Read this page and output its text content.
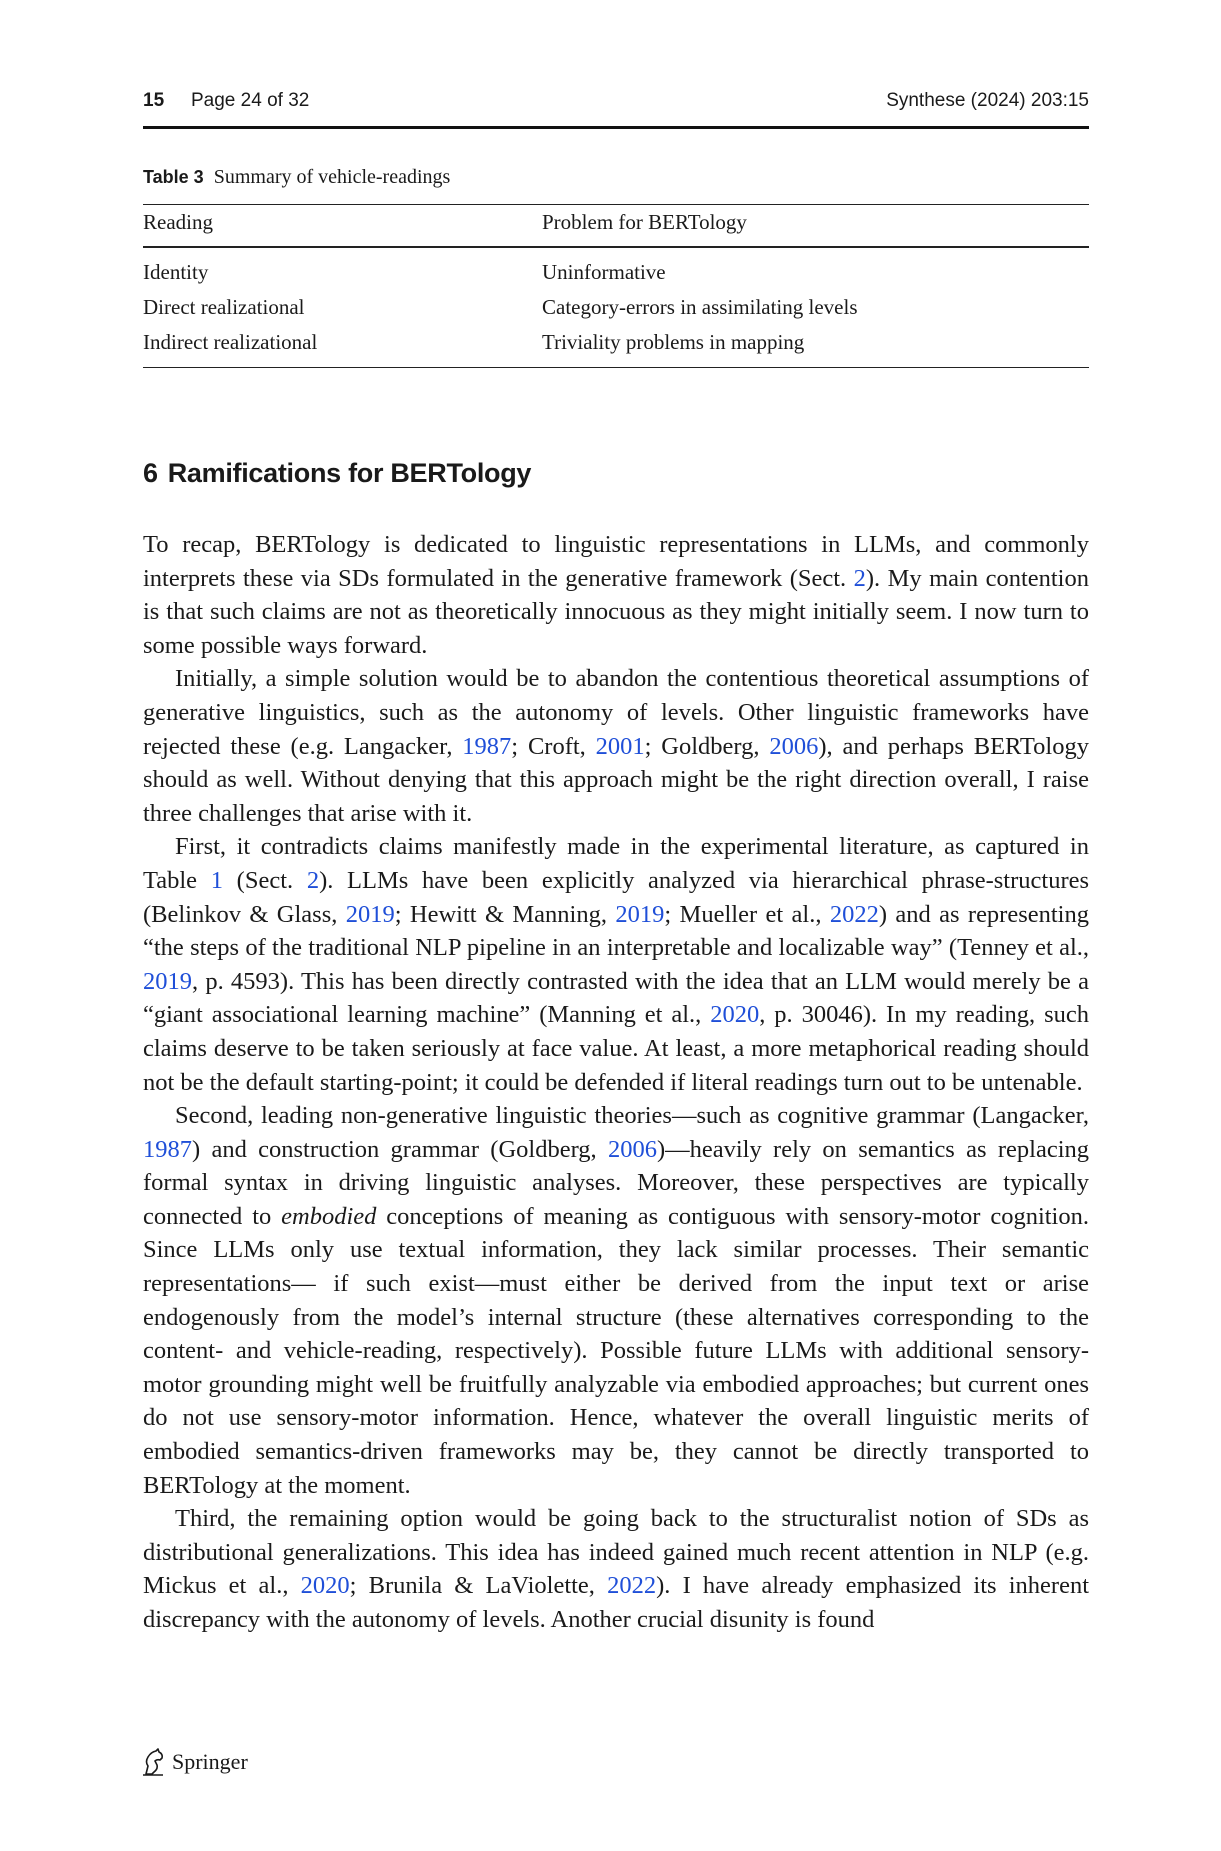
15 Page 24 of 32	Synthese (2024) 203:15
Table 3 Summary of vehicle-readings
Reading	Problem for BERTology
Identity	Uninformative
Direct realizational	Category-errors in assimilating levels
Indirect realizational	Triviality problems in mapping
6 Ramifications for BERTology

To recap, BERTology is dedicated to linguistic representations in LLMs, and commonly interprets these via SDs formulated in the generative framework (Sect. 2). My main contention is that such claims are not as theoretically innocuous as they might initially seem. I now turn to some possible ways forward.

Initially, a simple solution would be to abandon the contentious theoretical assumptions of generative linguistics, such as the autonomy of levels. Other linguistic frameworks have rejected these (e.g. Langacker, 1987; Croft, 2001; Goldberg, 2006), and perhaps BERTology should as well. Without denying that this approach might be the right direction overall, I raise three challenges that arise with it.

First, it contradicts claims manifestly made in the experimental literature, as captured in Table 1 (Sect. 2). LLMs have been explicitly analyzed via hierarchical phrase-structures (Belinkov & Glass, 2019; Hewitt & Manning, 2019; Mueller et al., 2022) and as representing “the steps of the traditional NLP pipeline in an interpretable and localizable way” (Tenney et al., 2019, p. 4593). This has been directly contrasted with the idea that an LLM would merely be a “giant associational learning machine” (Manning et al., 2020, p. 30046). In my reading, such claims deserve to be taken seriously at face value. At least, a more metaphorical reading should not be the default starting-point; it could be defended if literal readings turn out to be untenable.

Second, leading non-generative linguistic theories—such as cognitive grammar (Langacker, 1987) and construction grammar (Goldberg, 2006)—heavily rely on semantics as replacing formal syntax in driving linguistic analyses. Moreover, these perspectives are typically connected to embodied conceptions of meaning as contiguous with sensory-motor cognition. Since LLMs only use textual information, they lack similar processes. Their semantic representations— if such exist—must either be derived from the input text or arise endogenously from the model’s internal structure (these alternatives corresponding to the content- and vehicle-reading, respectively). Possible future LLMs with additional sensory-motor grounding might well be fruitfully analyzable via embodied approaches; but current ones do not use sensory-motor information. Hence, whatever the overall linguistic merits of embodied semantics-driven frameworks may be, they cannot be directly transported to BERTology at the moment.

Third, the remaining option would be going back to the structuralist notion of SDs as distributional generalizations. This idea has indeed gained much recent attention in NLP (e.g. Mickus et al., 2020; Brunila & LaViolette, 2022). I have already emphasized its inherent discrepancy with the autonomy of levels. Another crucial disunity is found

Springer
